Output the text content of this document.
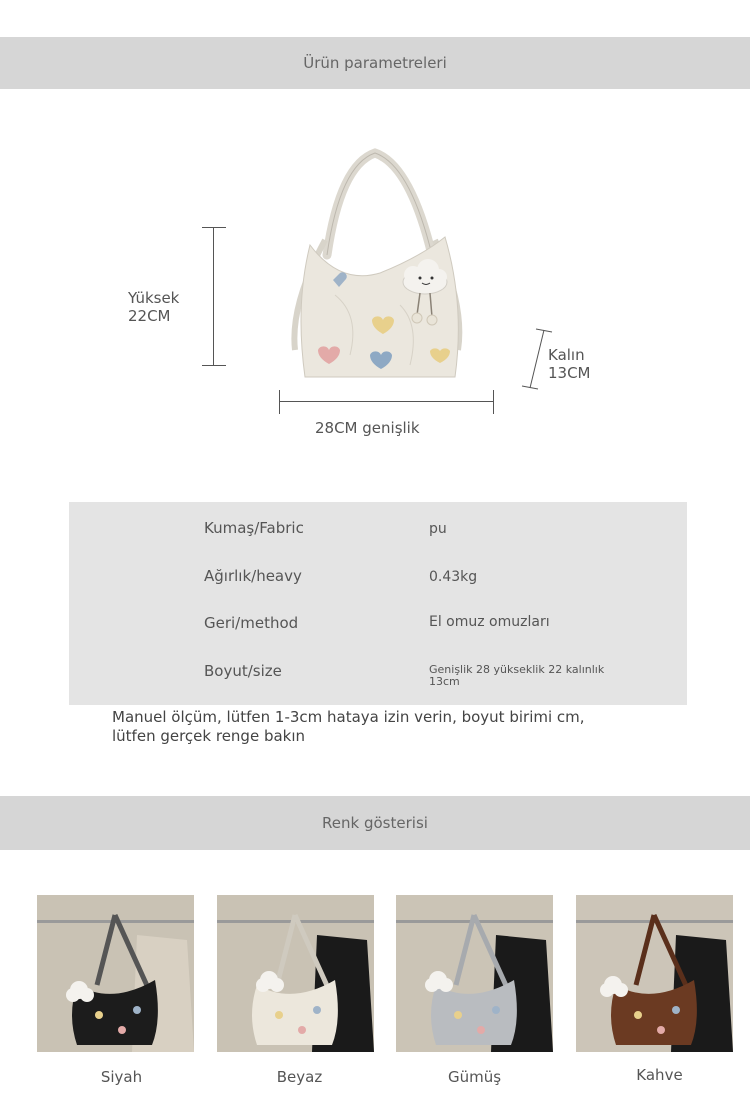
Ürün parametreleri
Yüksek
22CM
28CM genişlik
Kalın
13CM
Kumaş/Fabric	pu
Ağırlık/heavy	0.43kg
Geri/method	El omuz omuzları
Boyut/size	Genişlik 28 yükseklik 22 kalınlık 13cm
Manuel ölçüm, lütfen 1-3cm hataya izin verin, boyut birimi cm, lütfen gerçek renge bakın
Renk gösterisi
Siyah	Beyaz	Gümüş	Kahve
